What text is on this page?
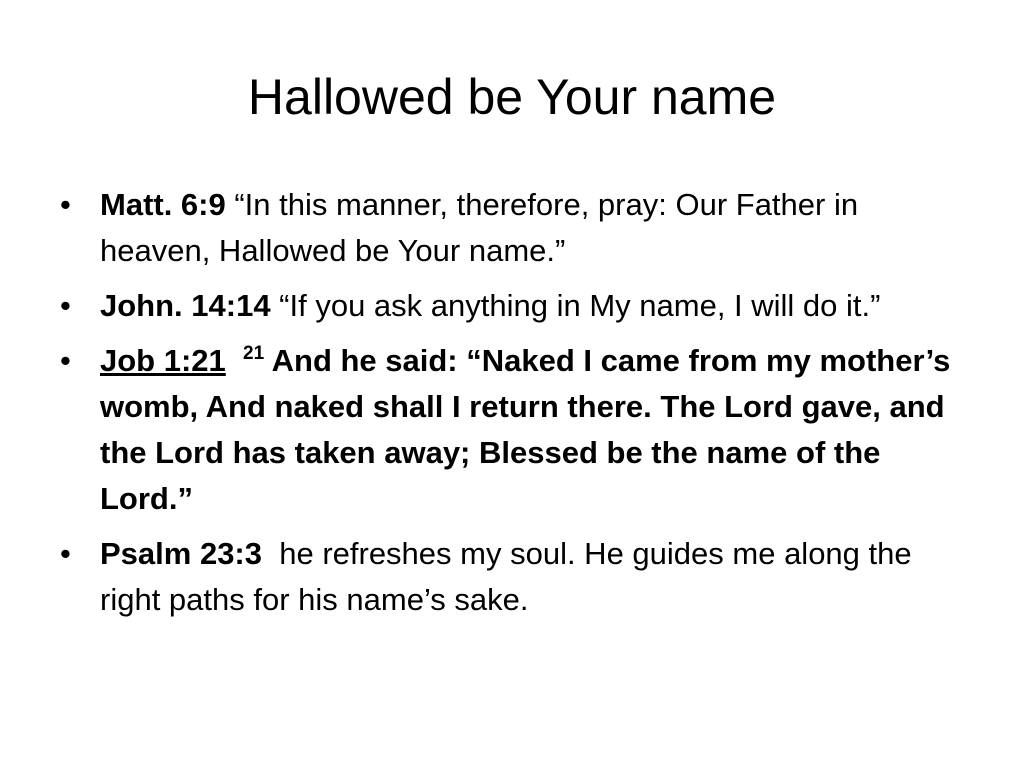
Hallowed be Your name
• Matt. 6:9 “In this manner, therefore, pray: Our Father in heaven, Hallowed be Your name.”
• John. 14:14 “If you ask anything in My name, I will do it.”
• Job 1:21 $^{21}$ And he said: “Naked I came from my mother’s womb, And naked shall I return there. The Lord gave, and the Lord has taken away; Blessed be the name of the Lord.”
• Psalm 23:3  he refreshes my soul. He guides me along the right paths for his name’s sake.
